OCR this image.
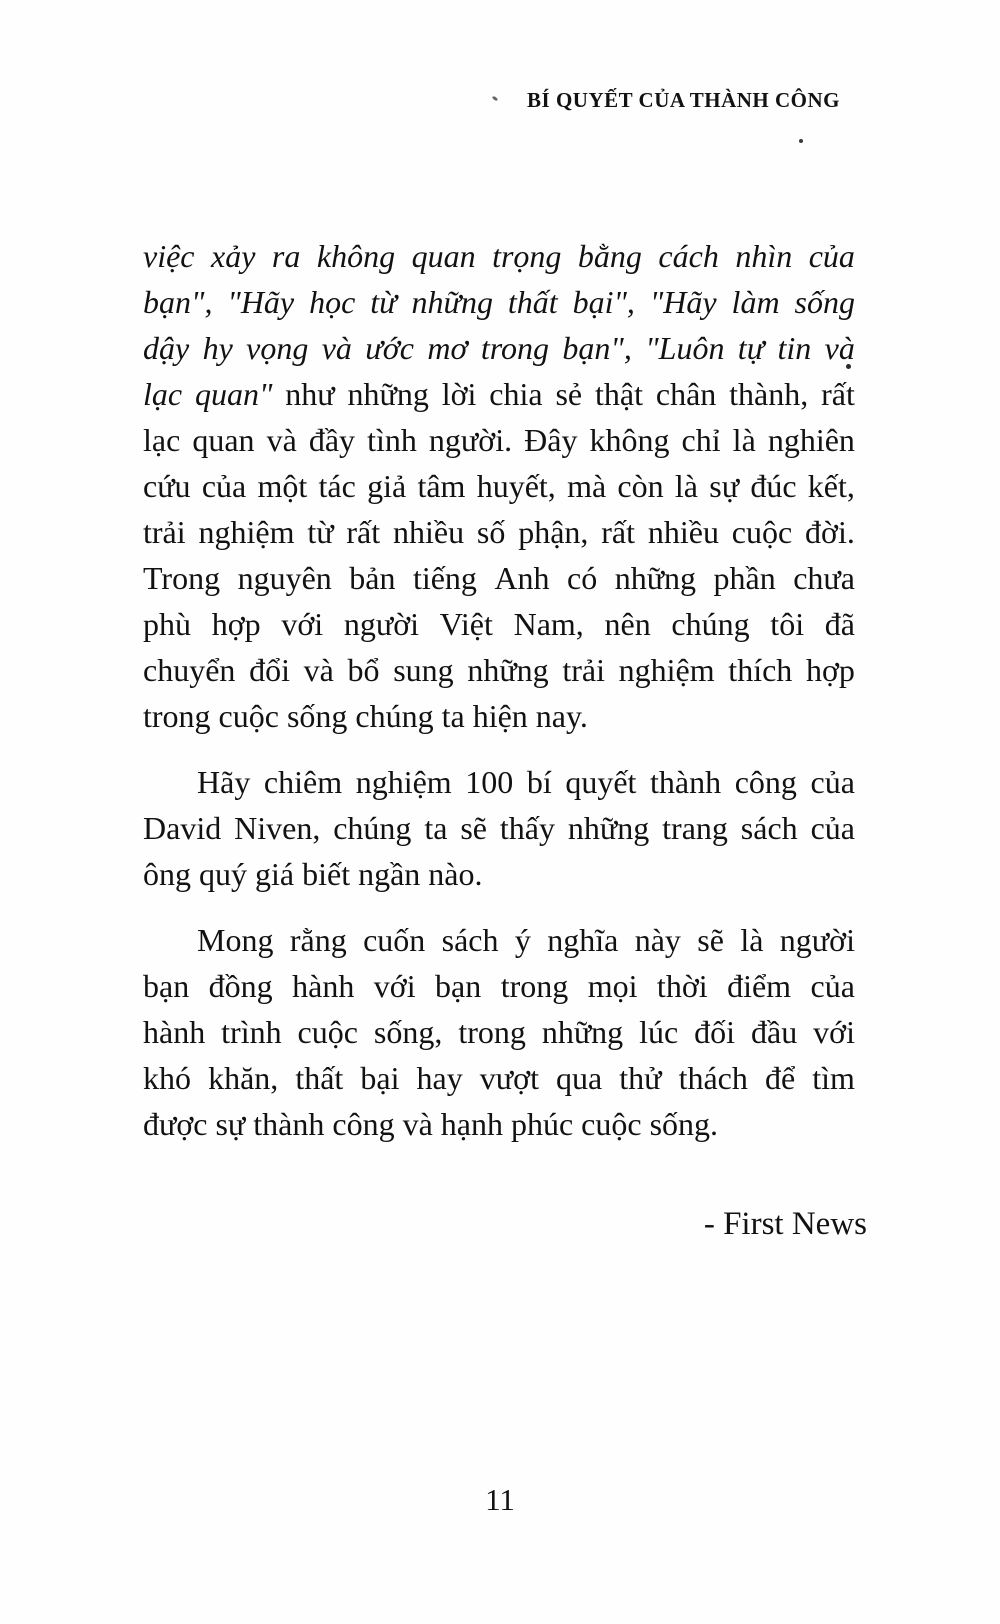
BÍ QUYẾT CỦA THÀNH CÔNG
việc xảy ra không quan trọng bằng cách nhìn của
bạn", "Hãy học từ những thất bại", "Hãy làm sống
dậy hy vọng và ước mơ trong bạn", "Luôn tự tin và
lạc quan" như những lời chia sẻ thật chân thành, rất
lạc quan và đầy tình người. Đây không chỉ là nghiên
cứu của một tác giả tâm huyết, mà còn là sự đúc kết,
trải nghiệm từ rất nhiều số phận, rất nhiều cuộc đời.
Trong nguyên bản tiếng Anh có những phần chưa
phù hợp với người Việt Nam, nên chúng tôi đã
chuyển đổi và bổ sung những trải nghiệm thích hợp
trong cuộc sống chúng ta hiện nay.
Hãy chiêm nghiệm 100 bí quyết thành công của
David Niven, chúng ta sẽ thấy những trang sách của
ông quý giá biết ngần nào.
Mong rằng cuốn sách ý nghĩa này sẽ là người
bạn đồng hành với bạn trong mọi thời điểm của
hành trình cuộc sống, trong những lúc đối đầu với
khó khăn, thất bại hay vượt qua thử thách để tìm
được sự thành công và hạnh phúc cuộc sống.
- First News
11
